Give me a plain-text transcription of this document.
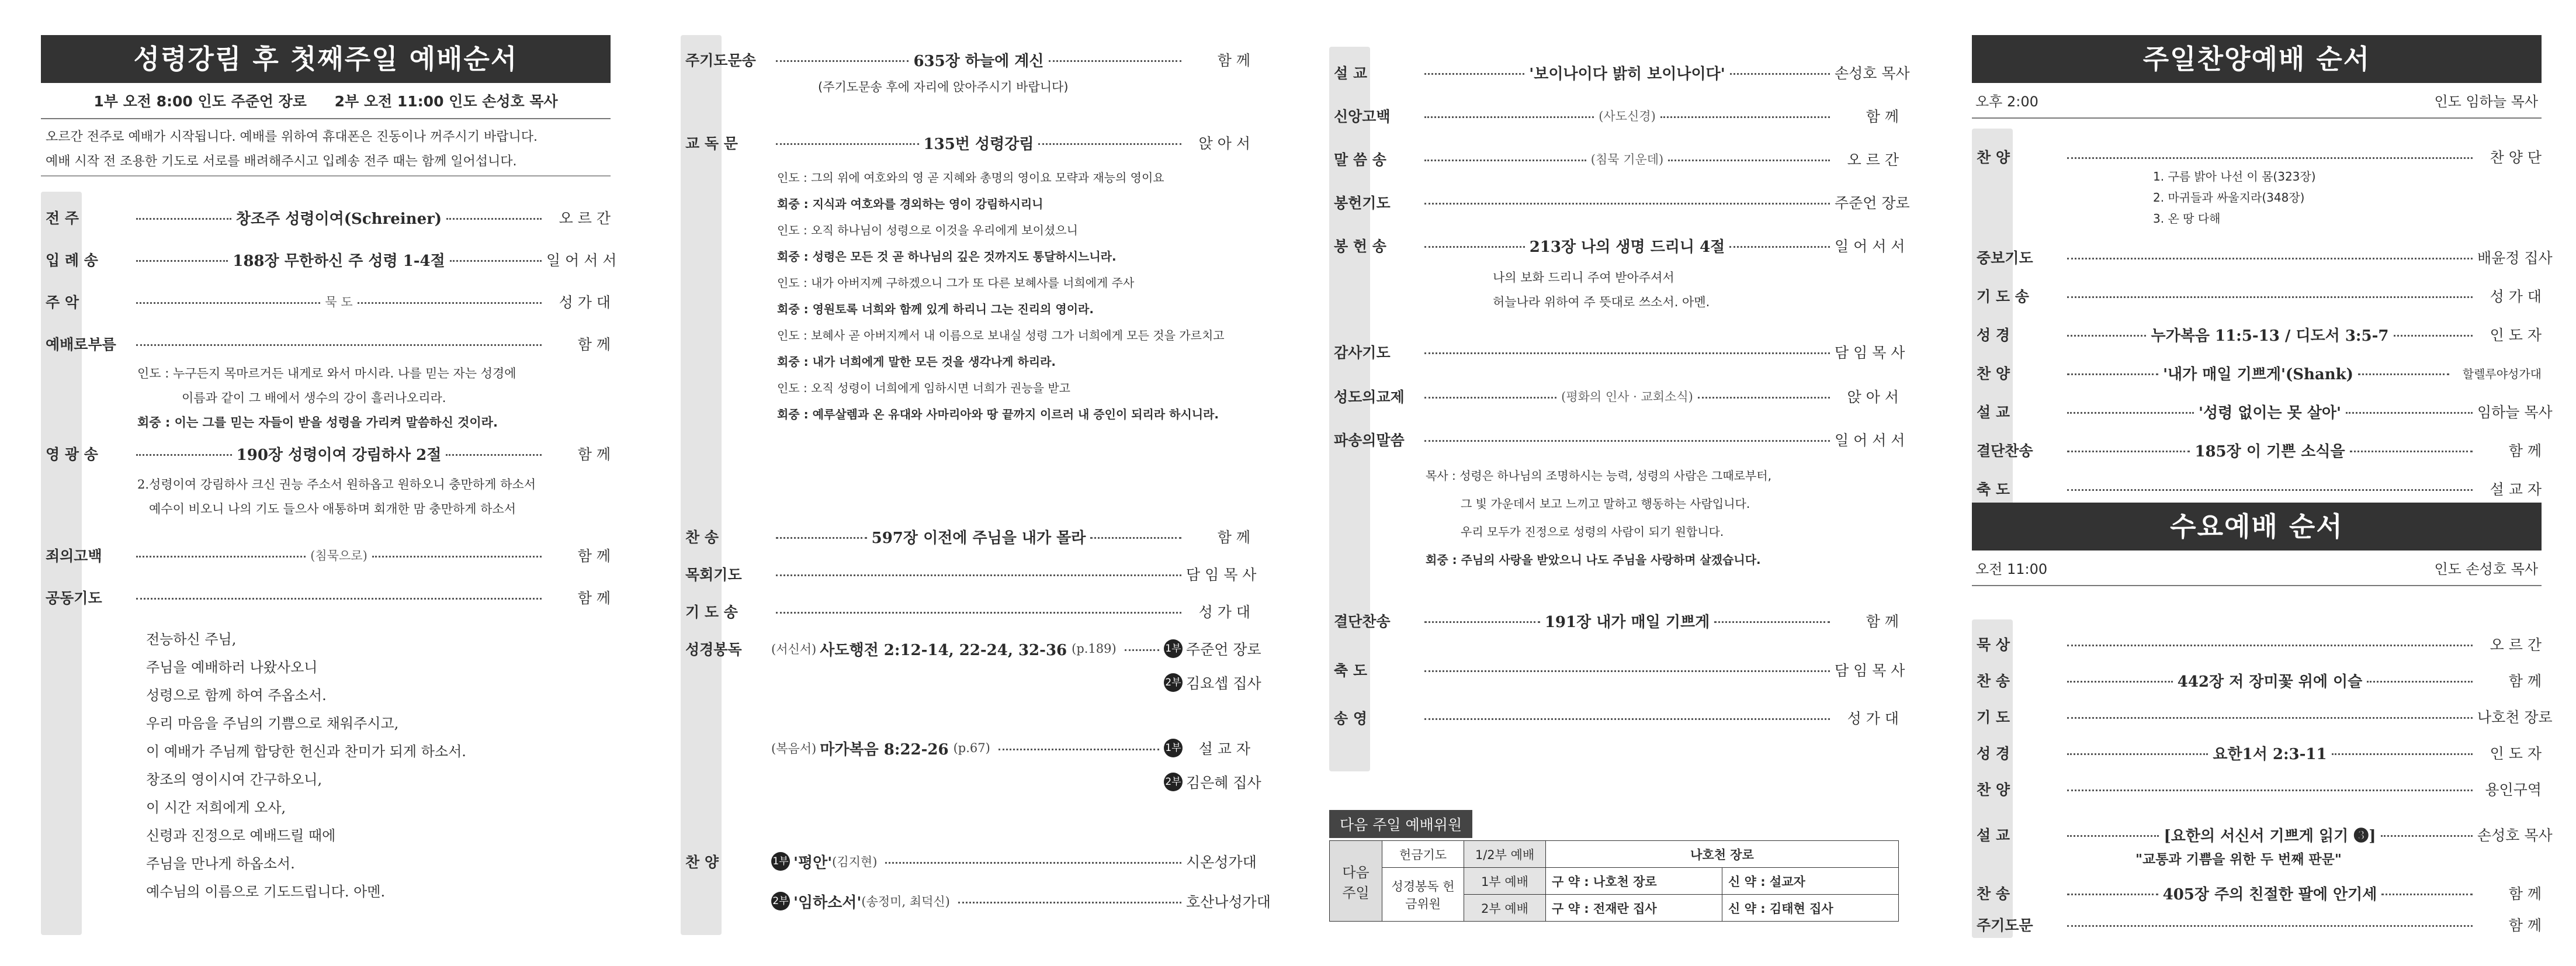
성령강림 후 첫째주일 예배순서
1부 오전 8:00 인도 주준언 장로 2부 오전 11:00 인도 손성호 목사
오르간 전주로 예배가 시작됩니다. 예배를 위하여 휴대폰은 진동이나 꺼주시기 바랍니다.
예배 시작 전 조용한 기도로 서로를 배려해주시고 입례송 전주 때는 함께 일어섭니다.
전 주	창조주 성령이여(Schreiner)	오 르 간
입 례 송	188장 무한하신 주 성령 1-4절	일 어 서 서
주 악	묵 도	성 가 대
예배로부름	함 께
인도 : 누구든지 목마르거든 내게로 와서 마시라. 나를 믿는 자는 성경에
이름과 같이 그 배에서 생수의 강이 흘러나오리라.
회중 : 이는 그를 믿는 자들이 받을 성령을 가리켜 말씀하신 것이라.
영 광 송	190장 성령이여 강림하사 2절	함 께
2.성령이여 강림하사 크신 권능 주소서 원하옵고 원하오니 충만하게 하소서
예수이 비오니 나의 기도 들으사 애통하며 회개한 맘 충만하게 하소서
죄의고백	(침묵으로)	함 께
공동기도	함 께
전능하신 주님,
주님을 예배하러 나왔사오니
성령으로 함께 하여 주옵소서.
우리 마음을 주님의 기쁨으로 채워주시고,
이 예배가 주님께 합당한 헌신과 찬미가 되게 하소서.
창조의 영이시여 간구하오니,
이 시간 저희에게 오사,
신령과 진정으로 예배드릴 때에
주님을 만나게 하옵소서.
예수님의 이름으로 기도드립니다. 아멘.
주기도문송	635장 하늘에 계신	함 께
(주기도문송 후에 자리에 앉아주시기 바랍니다)
교 독 문	135번 성령강림	앉 아 서
인도 : 그의 위에 여호와의 영 곧 지혜와 총명의 영이요 모략과 재능의 영이요
회중 : 지식과 여호와를 경외하는 영이 강림하시리니
인도 : 오직 하나님이 성령으로 이것을 우리에게 보이셨으니
회중 : 성령은 모든 것 곧 하나님의 깊은 것까지도 통달하시느니라.
인도 : 내가 아버지께 구하겠으니 그가 또 다른 보혜사를 너희에게 주사
회중 : 영원토록 너희와 함께 있게 하리니 그는 진리의 영이라.
인도 : 보혜사 곧 아버지께서 내 이름으로 보내실 성령 그가 너희에게 모든 것을 가르치고
회중 : 내가 너희에게 말한 모든 것을 생각나게 하리라.
인도 : 오직 성령이 너희에게 임하시면 너희가 권능을 받고
회중 : 예루살렘과 온 유대와 사마리아와 땅 끝까지 이르러 내 증인이 되리라 하시니라.
찬 송	597장 이전에 주님을 내가 몰라	함 께
목회기도	담 임 목 사
기 도 송	성 가 대
성경봉독 (서신서) 사도행전 2:12-14, 22-24, 32-36 (p.189)	1부 주준언 장로
2부 김요셉 집사
(복음서) 마가복음 8:22-26 (p.67)	1부	설 교 자
2부 김은혜 집사
찬 양	1부 '평안' (김지현)	시온성가대
2부 '임하소서' (송정미, 최덕신)	호산나성가대
설 교	'보이나이다 밝히 보이나이다'	손성호 목사
신앙고백	(사도신경)	함 께
말 씀 송	(침묵 기운데)	오 르 간
봉헌기도	주준언 장로
봉 헌 송	213장 나의 생명 드리니 4절	일 어 서 서
나의 보화 드리니 주여 받아주셔서
허늘나라 위하여 주 뜻대로 쓰소서. 아멘.
감사기도	담 임 목 사
성도의교제	(평화의 인사 · 교회소식)	앉 아 서
파송의말씀	일 어 서 서
목사 : 성령은 하나님의 조명하시는 능력, 성령의 사람은 그때로부터,
그 빛 가운데서 보고 느끼고 말하고 행동하는 사람입니다.
우리 모두가 진정으로 성령의 사람이 되기 원합니다.
회중 : 주님의 사랑을 받았으니 나도 주님을 사랑하며 살겠습니다.
결단찬송	191장 내가 매일 기쁘게	함 께
축 도	담 임 목 사
송 영	성 가 대
다음 주일 예배위원
다음 주일	헌금기도	1/2부 예배	나호천 장로	
	성경봉독 헌금위원	1부 예배	구 약 : 나호천 장로	신 약 : 설교자
		2부 예배	구 약 : 전재란 집사	신 약 : 김태현 집사
주일찬양예배 순서
오후 2:00	인도 임하늘 목사
찬 양	찬 양 단
1. 구름 밝아 나선 이 몸(323장)
2. 마귀들과 싸울지라(348장)
3. 온 땅 다해
중보기도	배윤정 집사
기 도 송	성 가 대
성 경	누가복음 11:5-13 / 디도서 3:5-7	인 도 자
찬 양	'내가 매일 기쁘게'(Shank)	할렐루야성가대
설 교	'성령 없이는 못 살아'	임하늘 목사
결단찬송	185장 이 기쁜 소식을	함 께
축 도	설 교 자
수요예배 순서
오전 11:00	인도 손성호 목사
묵 상	오 르 간
찬 송	442장 저 장미꽃 위에 이슬	함 께
기 도	나호천 장로
성 경	요한1서 2:3-11	인 도 자
찬 양	용인구역
설 교	[요한의 서신서 기쁘게 읽기 ❸]	손성호 목사
"교통과 기쁨을 위한 두 번째 판문"
찬 송	405장 주의 친절한 팔에 안기세	함 께
주기도문	함 께
